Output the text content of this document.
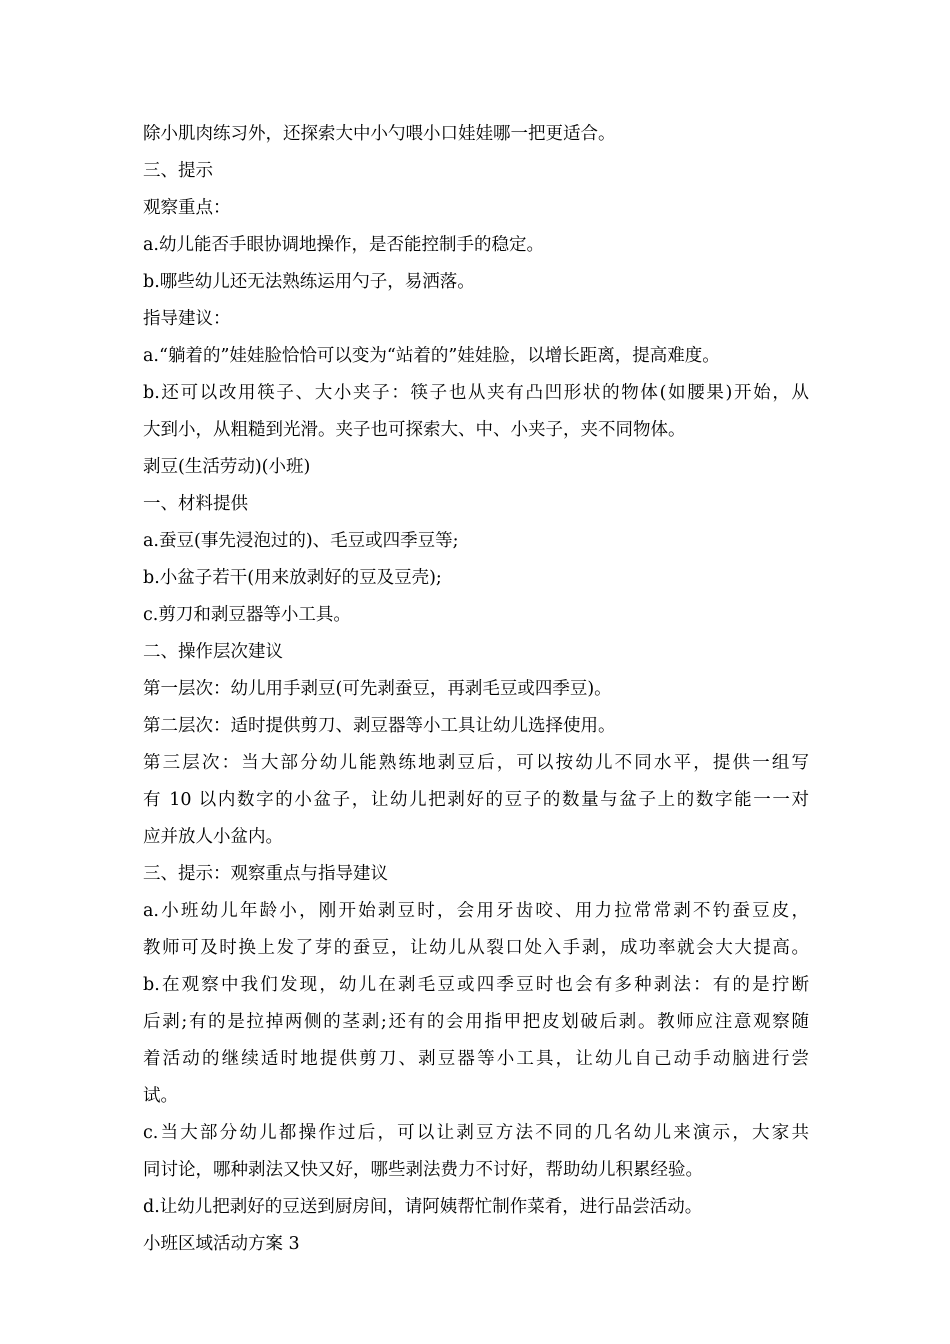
除小肌肉练习外，还探索大中小勺喂小口娃娃哪一把更适合。
三、提示
观察重点：
a.幼儿能否手眼协调地操作，是否能控制手的稳定。
b.哪些幼儿还无法熟练运用勺子，易洒落。
指导建议：
a.“躺着的”娃娃脸恰恰可以变为“站着的”娃娃脸，以增长距离，提高难度。
b.还可以改用筷子、大小夹子：筷子也从夹有凸凹形状的物体(如腰果)开始，从
大到小，从粗糙到光滑。夹子也可探索大、中、小夹子，夹不同物体。
剥豆(生活劳动)(小班)
一、材料提供
a.蚕豆(事先浸泡过的)、毛豆或四季豆等;
b.小盆子若干(用来放剥好的豆及豆壳);
c.剪刀和剥豆器等小工具。
二、操作层次建议
第一层次：幼儿用手剥豆(可先剥蚕豆，再剥毛豆或四季豆)。
第二层次：适时提供剪刀、剥豆器等小工具让幼儿选择使用。
第三层次：当大部分幼儿能熟练地剥豆后，可以按幼儿不同水平，提供一组写
有 10 以内数字的小盆子，让幼儿把剥好的豆子的数量与盆子上的数字能一一对
应并放人小盆内。
三、提示：观察重点与指导建议
a.小班幼儿年龄小，刚开始剥豆时，会用牙齿咬、用力拉常常剥不钓蚕豆皮，
教师可及时换上发了芽的蚕豆，让幼儿从裂口处入手剥，成功率就会大大提高。
b.在观察中我们发现，幼儿在剥毛豆或四季豆时也会有多种剥法：有的是拧断
后剥;有的是拉掉两侧的茎剥;还有的会用指甲把皮划破后剥。教师应注意观察随
着活动的继续适时地提供剪刀、剥豆器等小工具，让幼儿自己动手动脑进行尝
试。
c.当大部分幼儿都操作过后，可以让剥豆方法不同的几名幼儿来演示，大家共
同讨论，哪种剥法又快又好，哪些剥法费力不讨好，帮助幼儿积累经验。
d.让幼儿把剥好的豆送到厨房间，请阿姨帮忙制作菜肴，进行品尝活动。
小班区域活动方案 3
